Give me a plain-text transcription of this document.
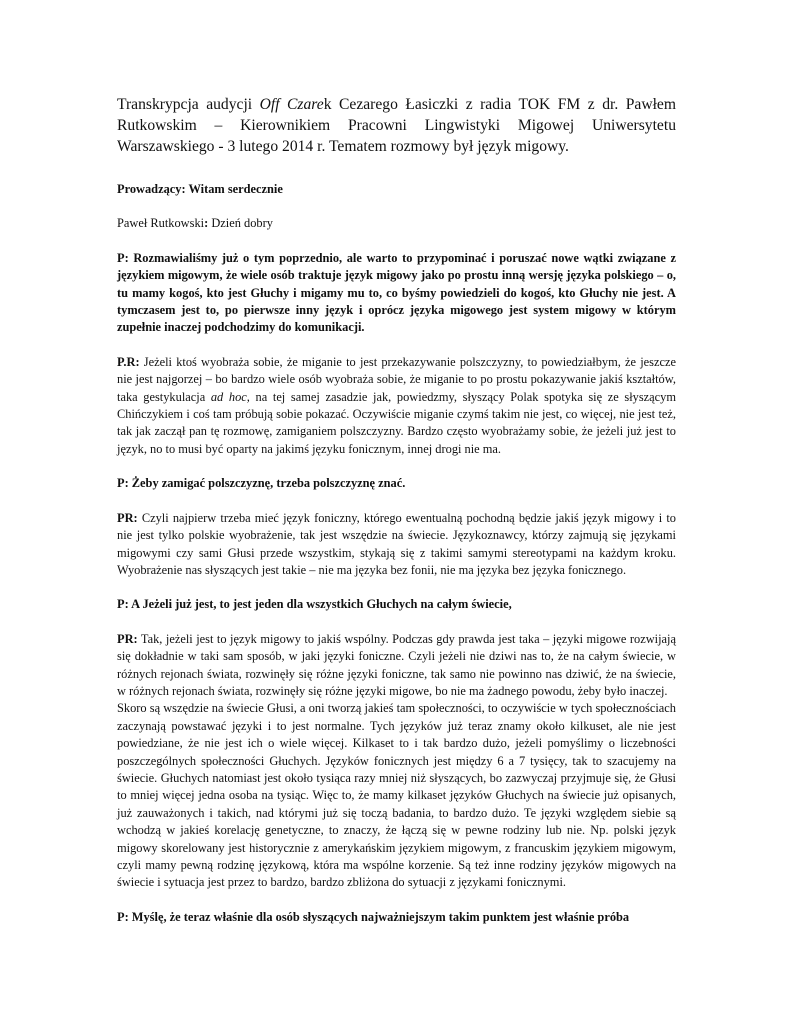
Transkrypcja audycji Off Czarek Cezarego Łasiczki z radia TOK FM z dr. Pawłem Rutkowskim – Kierownikiem Pracowni Lingwistyki Migowej Uniwersytetu Warszawskiego - 3 lutego 2014 r. Tematem rozmowy był język migowy.

Prowadzący: Witam serdecznie

Paweł Rutkowski: Dzień dobry

P: Rozmawialiśmy już o tym poprzednio, ale warto to przypominać i poruszać nowe wątki związane z językiem migowym, że wiele osób traktuje język migowy jako po prostu inną wersję języka polskiego – o, tu mamy kogoś, kto jest Głuchy i migamy mu to, co byśmy powiedzieli do kogoś, kto Głuchy nie jest. A tymczasem jest to, po pierwsze inny język i oprócz języka migowego jest system migowy w którym zupełnie inaczej podchodzimy do komunikacji.

P.R: Jeżeli ktoś wyobraża sobie, że miganie to jest przekazywanie polszczyzny, to powiedziałbym, że jeszcze nie jest najgorzej – bo bardzo wiele osób wyobraża sobie, że miganie to po prostu pokazywanie jakiś kształtów, taka gestykulacja ad hoc, na tej samej zasadzie jak, powiedzmy, słyszący Polak spotyka się ze słyszącym Chińczykiem i coś tam próbują sobie pokazać. Oczywiście miganie czymś takim nie jest, co więcej, nie jest też, tak jak zaczął pan tę rozmowę, zamiganiem polszczyzny. Bardzo często wyobrażamy sobie, że jeżeli już jest to język, no to musi być oparty na jakimś języku fonicznym, innej drogi nie ma.

P: Żeby zamigać polszczyznę, trzeba polszczyznę znać.

PR: Czyli najpierw trzeba mieć język foniczny, którego ewentualną pochodną będzie jakiś język migowy i to nie jest tylko polskie wyobrażenie, tak jest wszędzie na świecie. Językoznawcy, którzy zajmują się językami migowymi czy sami Głusi przede wszystkim, stykają się z takimi samymi stereotypami na każdym kroku. Wyobrażenie nas słyszących jest takie – nie ma języka bez fonii, nie ma języka bez języka fonicznego.

P: A Jeżeli już jest, to jest jeden dla wszystkich Głuchych na całym świecie,

PR: Tak, jeżeli jest to język migowy to jakiś wspólny. Podczas gdy prawda jest taka – języki migowe rozwijają się dokładnie w taki sam sposób, w jaki języki foniczne. Czyli jeżeli nie dziwi nas to, że na całym świecie, w różnych rejonach świata, rozwinęły się różne języki foniczne, tak samo nie powinno nas dziwić, że na świecie, w różnych rejonach świata, rozwinęły się różne języki migowe, bo nie ma żadnego powodu, żeby było inaczej.

Skoro są wszędzie na świecie Głusi, a oni tworzą jakieś tam społeczności, to oczywiście w tych społecznościach zaczynają powstawać języki i to jest normalne. Tych języków już teraz znamy około kilkuset, ale nie jest powiedziane, że nie jest ich o wiele więcej. Kilkaset to i tak bardzo dużo, jeżeli pomyślimy o liczebności poszczególnych społeczności Głuchych. Języków fonicznych jest między 6 a 7 tysięcy, tak to szacujemy na świecie. Głuchych natomiast jest około tysiąca razy mniej niż słyszących, bo zazwyczaj przyjmuje się, że Głusi to mniej więcej jedna osoba na tysiąc. Więc to, że mamy kilkaset języków Głuchych na świecie już opisanych, już zauważonych i takich, nad którymi już się toczą badania, to bardzo dużo. Te języki względem siebie są wchodzą w jakieś korelację genetyczne, to znaczy, że łączą się w pewne rodziny lub nie. Np. polski język migowy skorelowany jest historycznie z amerykańskim językiem migowym, z francuskim językiem migowym, czyli mamy pewną rodzinę językową, która ma wspólne korzenie. Są też inne rodziny języków migowych na świecie i sytuacja jest przez to bardzo, bardzo zbliżona do sytuacji z językami fonicznymi.

P: Myślę, że teraz właśnie dla osób słyszących najważniejszym takim punktem jest właśnie próba
